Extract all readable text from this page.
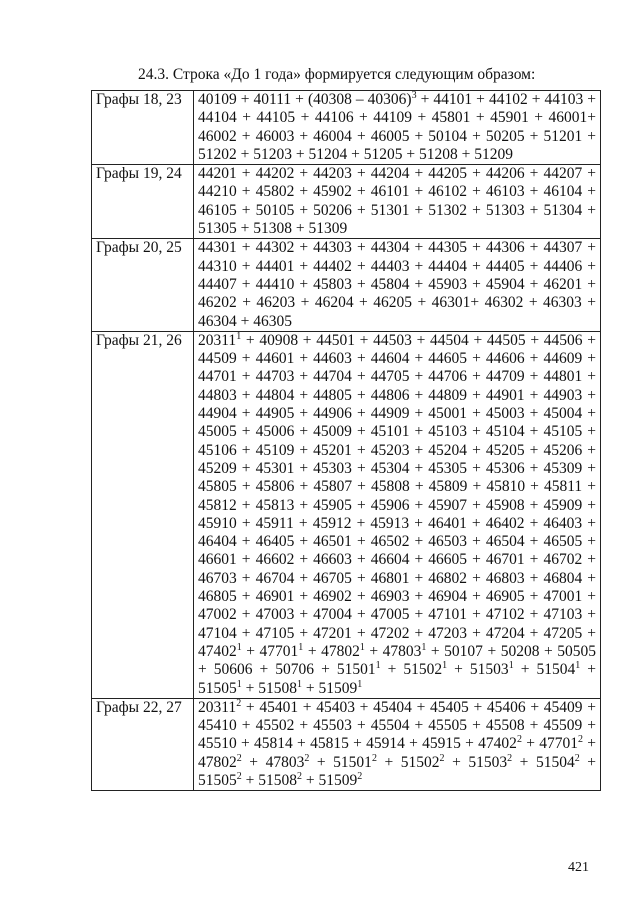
24.3. Строка «До 1 года» формируется следующим образом:
Графы 18, 23	40109 + 40111 + (40308 – 40306)$^3$ + 44101 + 44102 + 44103 + 44104 + 44105 + 44106 + 44109 + 45801 + 45901 + 46001+ 46002 + 46003 + 46004 + 46005 + 50104 + 50205 + 51201 + 51202 + 51203 + 51204 + 51205 + 51208 + 51209
Графы 19, 24	44201 + 44202 + 44203 + 44204 + 44205 + 44206 + 44207 + 44210 + 45802 + 45902 + 46101 + 46102 + 46103 + 46104 + 46105 + 50105 + 50206 + 51301 + 51302 + 51303 + 51304 + 51305 + 51308 + 51309
Графы 20, 25	44301 + 44302 + 44303 + 44304 + 44305 + 44306 + 44307 + 44310 + 44401 + 44402 + 44403 + 44404 + 44405 + 44406 + 44407 + 44410 + 45803 + 45804 + 45903 + 45904 + 46201 + 46202 + 46203 + 46204 + 46205 + 46301+ 46302 + 46303 + 46304 + 46305
Графы 21, 26	$20311^1 + 40908 + 44501 + 44503 + 44504 + 44505 + 44506 + 44509 + 44601 + 44603 + 44604 + 44605 + 44606 + 44609 + 44701 + 44703 + 44704 + 44705 + 44706 + 44709 + 44801 + 44803 + 44804 + 44805 + 44806 + 44809 + 44901 + 44903 + 44904 + 44905 + 44906$ + 44909 + 45001 + 45003 + 45004 + 45005 + 45006 + 45009 + 45101 + 45103 + 45104 + 45105 + 45106 + 45109 + 45201 + 45203 + 45204 + 45205 + 45206 + 45209 + 45301 + 45303 + 45304 + 45305 + 45306 + 45309 + 45805 + 45806 + 45807 + 45808 + 45809 + 45810 + 45811 + 45812 + 45813 + 45905 + 45906 + 45907 + 45908 + 45909 + 45910 + 45911 + 45912 + 45913 + 46401 + 46402 + 46403 + 46404 + 46405 + 46501 + 46502 + 46503 + 46504 + 46505 + 46601 + 46602 + 46603 + 46604 + 46605 + 46701 + 46702 + 46703 + 46704 + 46705 + 46801 + 46802 + 46803 + 46804 + 46805 + 46901 + 46902 + 46903 + 46904 + 46905 + $47001 + 47002 + 47003 + 47004 + 47005 + 47101 + 47102 + 47103 + 47104 + 47105 + 47201 + 47202 + 47203 + 47204 + 47205 + 47402^1 + 47701^1 + 47802^1 + 47803^1 + 50107 + 50208 + 50505 + 50606 + 50706 + 51501^1 + 51502^1 + 51503^1 + 51504^1 + 51505^1 + 51508^1 + 51509^1$
Графы 22, 27	$20311^2 + 45401 + 45403 + 45404 + 45405 + 45406 + 45409 + 45410 + 45502 + 45503 + 45504 + 45505 + 45508 + 45509 + 45510 + 45814 + 45815 + 45914 + 45915 + 47402^2 + 47701^2 + 47802^2 + 47803^2 + 51501^2 + 51502^2 + 51503^2 + 51504^2 + 51505^2 + 51508^2 + 51509^2$
421
